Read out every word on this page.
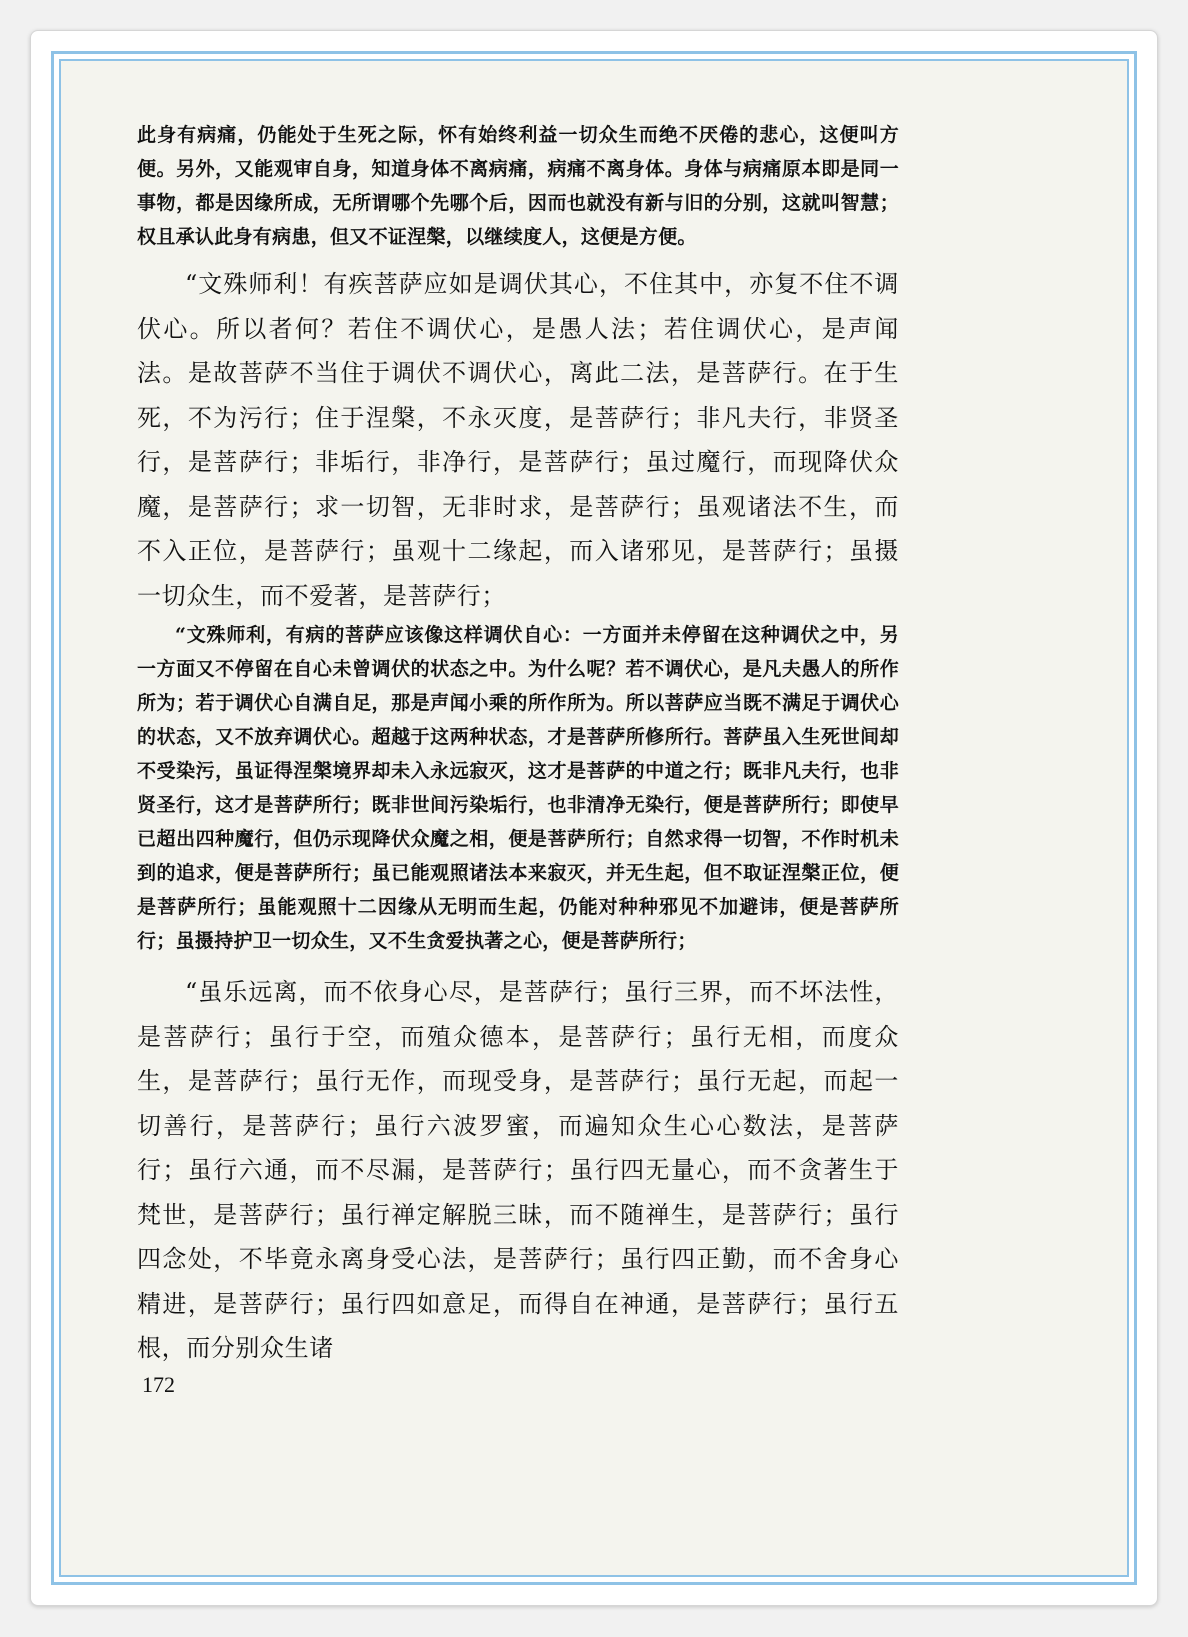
此身有病痛，仍能处于生死之际，怀有始终利益一切众生而绝不厌倦的悲心，这便叫方便。另外，又能观审自身，知道身体不离病痛，病痛不离身体。身体与病痛原本即是同一事物，都是因缘所成，无所谓哪个先哪个后，因而也就没有新与旧的分别，这就叫智慧；权且承认此身有病患，但又不证涅槃，以继续度人，这便是方便。

“文殊师利！有疾菩萨应如是调伏其心，不住其中，亦复不住不调伏心。所以者何？若住不调伏心，是愚人法；若住调伏心，是声闻法。是故菩萨不当住于调伏不调伏心，离此二法，是菩萨行。在于生死，不为污行；住于涅槃，不永灭度，是菩萨行；非凡夫行，非贤圣行，是菩萨行；非垢行，非净行，是菩萨行；虽过魔行，而现降伏众魔，是菩萨行；求一切智，无非时求，是菩萨行；虽观诸法不生，而不入正位，是菩萨行；虽观十二缘起，而入诸邪见，是菩萨行；虽摄一切众生，而不爱著，是菩萨行；

“文殊师利，有病的菩萨应该像这样调伏自心：一方面并未停留在这种调伏之中，另一方面又不停留在自心未曾调伏的状态之中。为什么呢？若不调伏心，是凡夫愚人的所作所为；若于调伏心自满自足，那是声闻小乘的所作所为。所以菩萨应当既不满足于调伏心的状态，又不放弃调伏心。超越于这两种状态，才是菩萨所修所行。菩萨虽入生死世间却不受染污，虽证得涅槃境界却未入永远寂灭，这才是菩萨的中道之行；既非凡夫行，也非贤圣行，这才是菩萨所行；既非世间污染垢行，也非清净无染行，便是菩萨所行；即使早已超出四种魔行，但仍示现降伏众魔之相，便是菩萨所行；自然求得一切智，不作时机未到的追求，便是菩萨所行；虽已能观照诸法本来寂灭，并无生起，但不取证涅槃正位，便是菩萨所行；虽能观照十二因缘从无明而生起，仍能对种种邪见不加避讳，便是菩萨所行；虽摄持护卫一切众生，又不生贪爱执著之心，便是菩萨所行；

“虽乐远离，而不依身心尽，是菩萨行；虽行三界，而不坏法性，是菩萨行；虽行于空，而殖众德本，是菩萨行；虽行无相，而度众生，是菩萨行；虽行无作，而现受身，是菩萨行；虽行无起，而起一切善行，是菩萨行；虽行六波罗蜜，而遍知众生心心数法，是菩萨行；虽行六通，而不尽漏，是菩萨行；虽行四无量心，而不贪著生于梵世，是菩萨行；虽行禅定解脱三昧，而不随禅生，是菩萨行；虽行四念处，不毕竟永离身受心法，是菩萨行；虽行四正勤，而不舍身心精进，是菩萨行；虽行四如意足，而得自在神通，是菩萨行；虽行五根，而分别众生诸

172
